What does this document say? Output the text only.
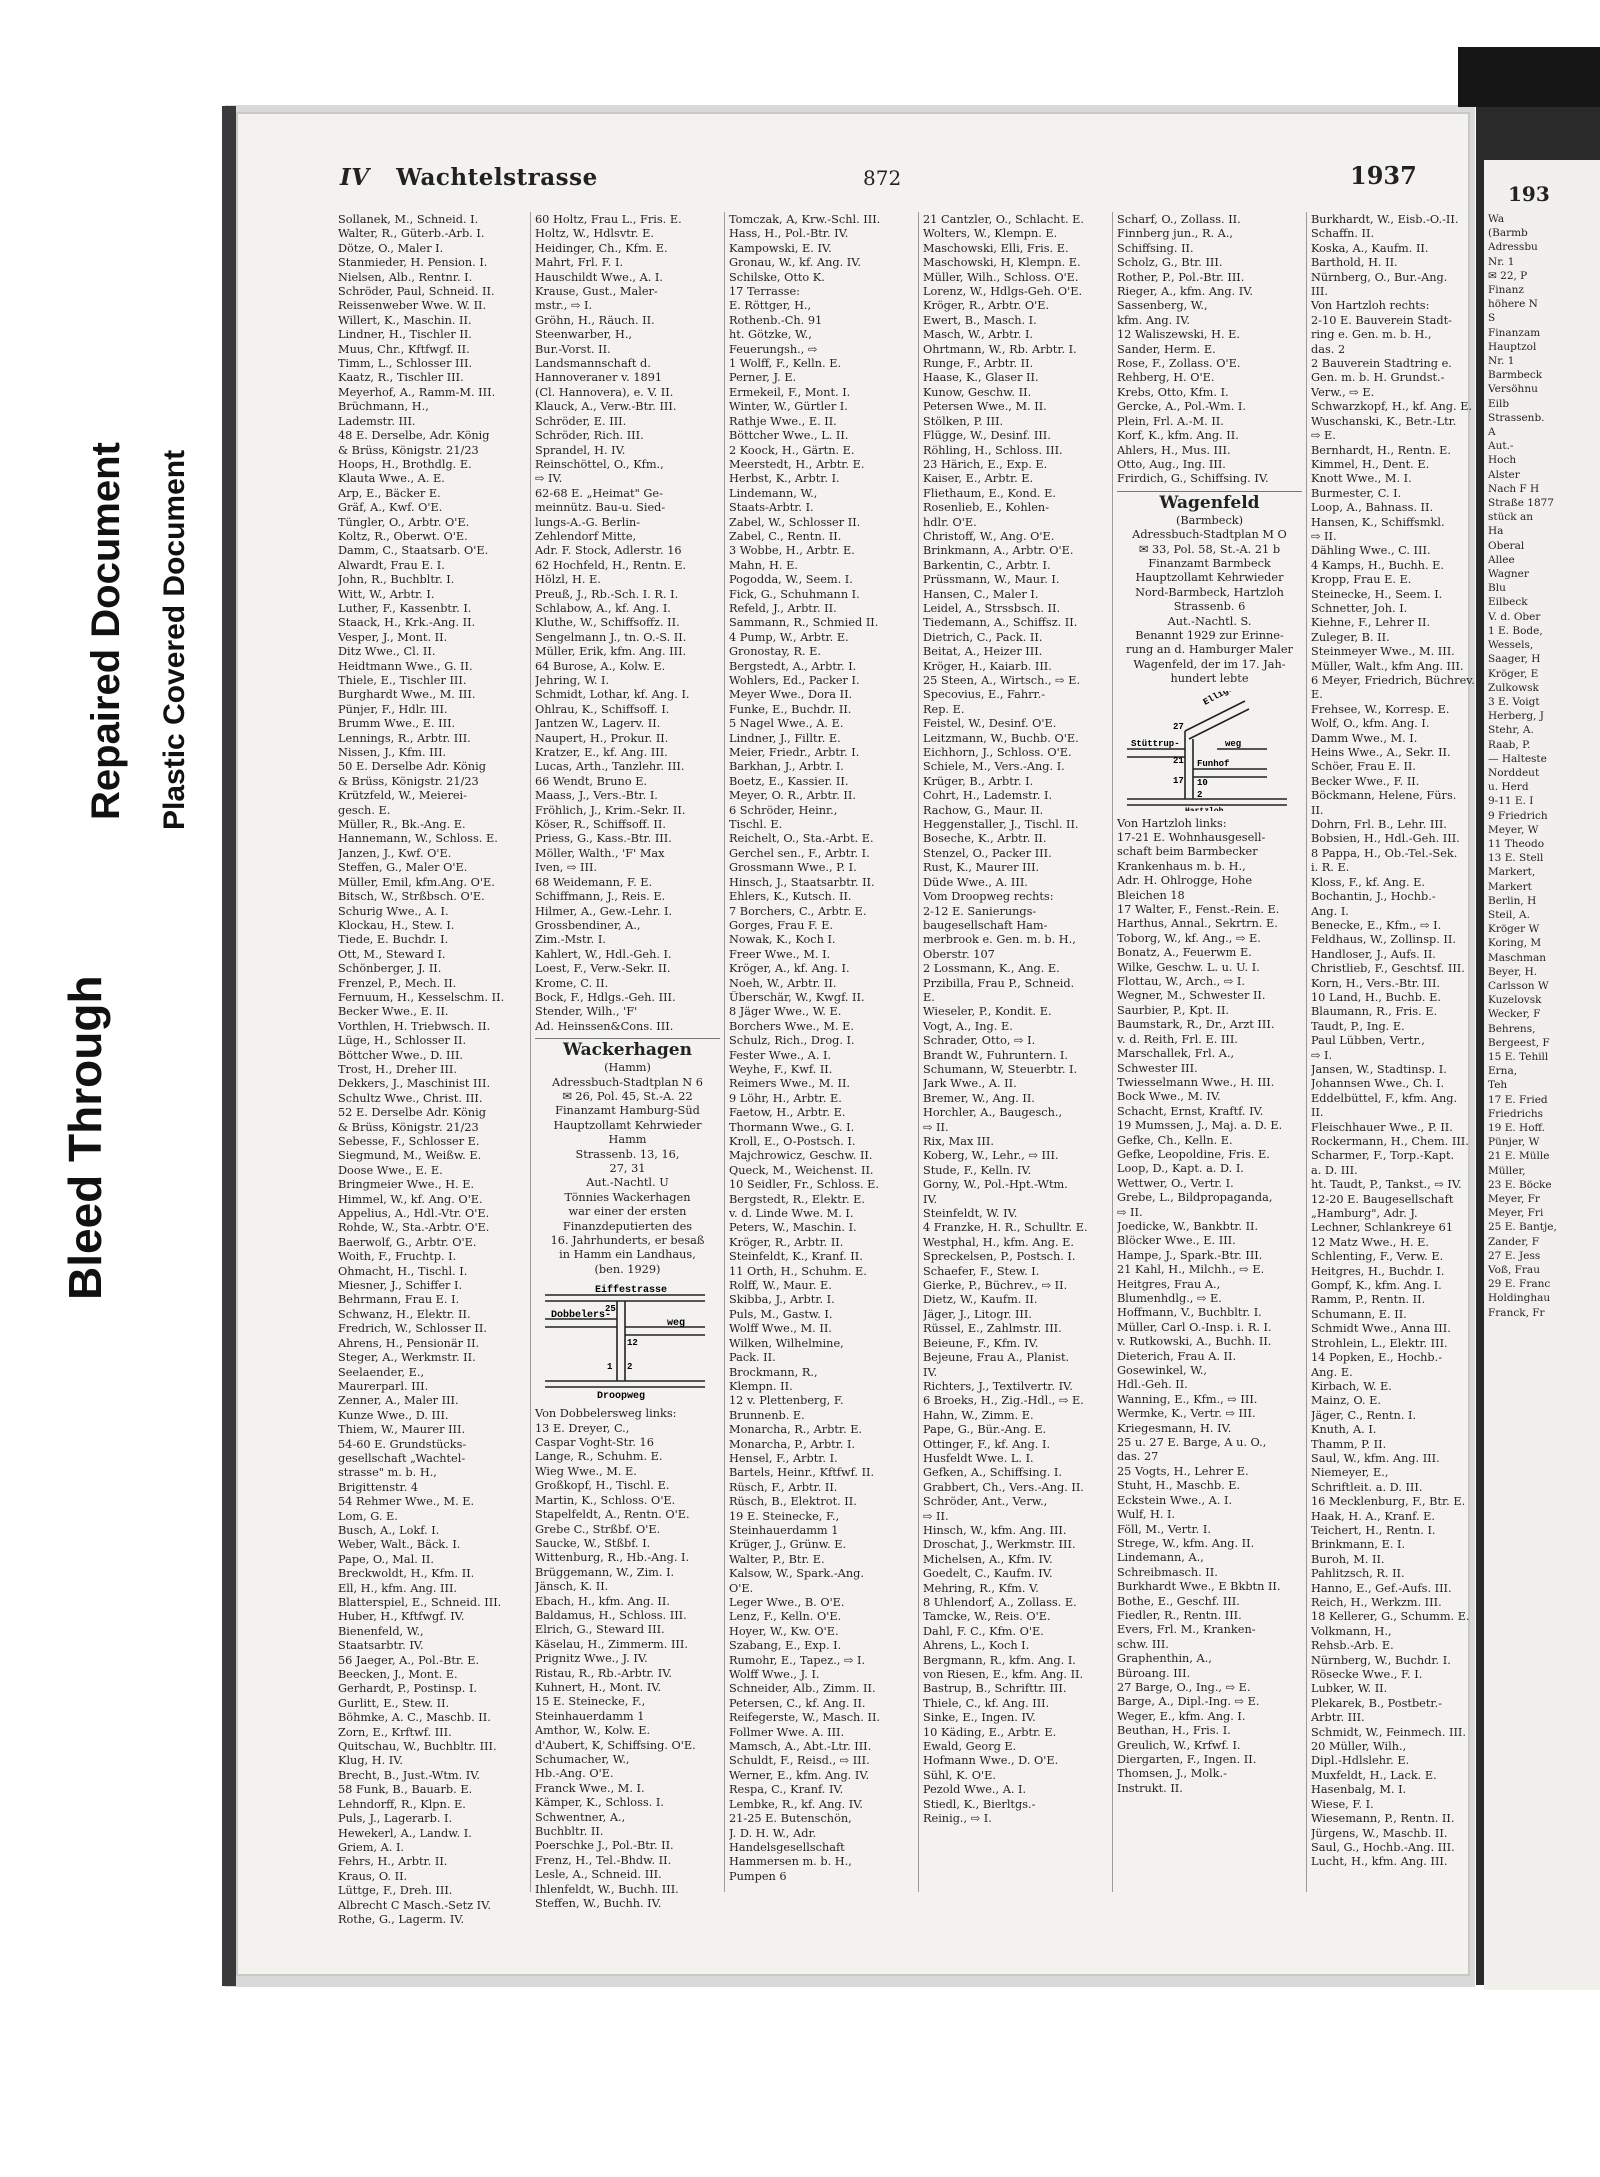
Bleed Through
Repaired Document Plastic Covered Document
IV Wachtelstrasse	872	1937
Sollanek, M., Schneid. I.
Walter, R., Güterb.-Arb. I.
Dötze, O., Maler I.
Stanmieder, H. Pension. I.
Nielsen, Alb., Rentnr. I.
Schröder, Paul, Schneid. II.
Reissenweber Wwe. W. II.
Willert, K., Maschin. II.
Lindner, H., Tischler II.
Muus, Chr., Kftfwgf. II.
Timm, L., Schlosser III.
Kaatz, R., Tischler III.
Meyerhof, A., Ramm-M. III.
Brüchmann, H.,
Lademstr. III.
48 E. Derselbe, Adr. König
& Brüss, Königstr. 21/23
Hoops, H., Brothdlg. E.
Klauta Wwe., A. E.
Arp, E., Bäcker E.
Gräf, A., Kwf. O'E.
Tüngler, O., Arbtr. O'E.
Koltz, R., Oberwt. O'E.
Damm, C., Staatsarb. O'E.
Alwardt, Frau E. I.
John, R., Buchbltr. I.
Witt, W., Arbtr. I.
Luther, F., Kassenbtr. I.
Staack, H., Krk.-Ang. II.
Vesper, J., Mont. II.
Ditz Wwe., Cl. II.
Heidtmann Wwe., G. II.
Thiele, E., Tischler III.
Burghardt Wwe., M. III.
Pünjer, F., Hdlr. III.
Brumm Wwe., E. III.
Lennings, R., Arbtr. III.
Nissen, J., Kfm. III.
50 E. Derselbe Adr. König
& Brüss, Königstr. 21/23
Krützfeld, W., Meierei-
gesch. E.
Müller, R., Bk.-Ang. E.
Hannemann, W., Schloss. E.
Janzen, J., Kwf. O'E.
Steffen, G., Maler O'E.
Müller, Emil, kfm.Ang. O'E.
Bitsch, W., Strßbsch. O'E.
Schurig Wwe., A. I.
Klockau, H., Stew. I.
Tiede, E. Buchdr. I.
Ott, M., Steward I.
Schönberger, J. II.
Frenzel, P., Mech. II.
Fernuum, H., Kesselschm. II.
Becker Wwe., E. II.
Vorthlen, H. Triebwsch. II.
Lüge, H., Schlosser II.
Böttcher Wwe., D. III.
Trost, H., Dreher III.
Dekkers, J., Maschinist III.
Schultz Wwe., Christ. III.
52 E. Derselbe Adr. König
& Brüss, Königstr. 21/23
Sebesse, F., Schlosser E.
Siegmund, M., Weißw. E.
Doose Wwe., E. E.
Bringmeier Wwe., H. E.
Himmel, W., kf. Ang. O'E.
Appelius, A., Hdl.-Vtr. O'E.
Rohde, W., Sta.-Arbtr. O'E.
Baerwolf, G., Arbtr. O'E.
Woith, F., Fruchtp. I.
Ohmacht, H., Tischl. I.
Miesner, J., Schiffer I.
Behrmann, Frau E. I.
Schwanz, H., Elektr. II.
Fredrich, W., Schlosser II.
Ahrens, H., Pensionär II.
Steger, A., Werkmstr. II.
Seelaender, E.,
Maurerparl. III.
Zenner, A., Maler III.
Kunze Wwe., D. III.
Thiem, W., Maurer III.
54-60 E. Grundstücks-
gesellschaft „Wachtel-
strasse" m. b. H.,
Brigittenstr. 4
54 Rehmer Wwe., M. E.
Lom, G. E.
Busch, A., Lokf. I.
Weber, Walt., Bäck. I.
Pape, O., Mal. II.
Breckwoldt, H., Kfm. II.
Ell, H., kfm. Ang. III.
Blatterspiel, E., Schneid. III.
Huber, H., Kftfwgf. IV.
Bienenfeld, W.,
Staatsarbtr. IV.
56 Jaeger, A., Pol.-Btr. E.
Beecken, J., Mont. E.
Gerhardt, P., Postinsp. I.
Gurlitt, E., Stew. II.
Böhmke, A. C., Maschb. II.
Zorn, E., Krftwf. III.
Quitschau, W., Buchbltr. III.
Klug, H. IV.
Brecht, B., Just.-Wtm. IV.
58 Funk, B., Bauarb. E.
Lehndorff, R., Klpn. E.
Puls, J., Lagerarb. I.
Hewekerl, A., Landw. I.
Griem, A. I.
Fehrs, H., Arbtr. II.
Kraus, O. II.
Lüttge, F., Dreh. III.
Albrecht C Masch.-Setz IV.
Rothe, G., Lagerm. IV.
60 Holtz, Frau L., Fris. E.
Holtz, W., Hdlsvtr. E.
Heidinger, Ch., Kfm. E.
Mahrt, Frl. F. I.
Hauschildt Wwe., A. I.
Krause, Gust., Maler-
mstr., ⇨ I.
Gröhn, H., Räuch. II.
Steenwarber, H.,
Bur.-Vorst. II.
Landsmannschaft d.
Hannoveraner v. 1891
(Cl. Hannovera), e. V. II.
Klauck, A., Verw.-Btr. III.
Schröder, E. III.
Schröder, Rich. III.
Sprandel, H. IV.
Reinschöttel, O., Kfm.,
⇨ IV.
62-68 E. „Heimat" Ge-
meinnütz. Bau-u. Sied-
lungs-A.-G. Berlin-
Zehlendorf Mitte,
Adr. F. Stock, Adlerstr. 16
62 Hochfeld, H., Rentn. E.
Hölzl, H. E.
Preuß, J., Rb.-Sch. I. R. I.
Schlabow, A., kf. Ang. I.
Kluthe, W., Schiffsoffz. II.
Sengelmann J., tn. O.-S. II.
Müller, Erik, kfm. Ang. III.
64 Burose, A., Kolw. E.
Jehring, W. I.
Schmidt, Lothar, kf. Ang. I.
Ohlrau, K., Schiffsoff. I.
Jantzen W., Lagerv. II.
Naupert, H., Prokur. II.
Kratzer, E., kf. Ang. III.
Lucas, Arth., Tanzlehr. III.
66 Wendt, Bruno E.
Maass, J., Vers.-Btr. I.
Fröhlich, J., Krim.-Sekr. II.
Köser, R., Schiffsoff. II.
Priess, G., Kass.-Btr. III.
Möller, Walth., 'F' Max
Iven, ⇨ III.
68 Weidemann, F. E.
Schiffmann, J., Reis. E.
Hilmer, A., Gew.-Lehr. I.
Grossbendiner, A.,
Zim.-Mstr. I.
Kahlert, W., Hdl.-Geh. I.
Loest, F., Verw.-Sekr. II.
Krome, C. II.
Bock, F., Hdlgs.-Geh. III.
Stender, Wilh., 'F'
Ad. Heinssen&Cons. III.
Wackerhagen
(Hamm)
Adressbuch-Stadtplan N 6
✉ 26, Pol. 45, St.-A. 22
Finanzamt Hamburg-Süd
Hauptzollamt Kehrwieder
Hamm
Strassenb. 13, 16,
27, 31
Aut.-Nachtl. U
Tönnies Wackerhagen
war einer der ersten
Finanzdeputierten des
16. Jahrhunderts, er besaß
in Hamm ein Landhaus,
(ben. 1929)
Eiffestrasse
Dobbelers-
weg
25
12
2
1
Droopweg
Von Dobbelersweg links:
13 E. Dreyer, C.,
Caspar Voght-Str. 16
Lange, R., Schuhm. E.
Wieg Wwe., M. E.
Großkopf, H., Tischl. E.
Martin, K., Schloss. O'E.
Stapelfeldt, A., Rentn. O'E.
Grebe C., Strßbf. O'E.
Saucke, W., Stßbf. I.
Wittenburg, R., Hb.-Ang. I.
Brüggemann, W., Zim. I.
Jänsch, K. II.
Ebach, H., kfm. Ang. II.
Baldamus, H., Schloss. III.
Elrich, G., Steward III.
Käselau, H., Zimmerm. III.
Prignitz Wwe., J. IV.
Ristau, R., Rb.-Arbtr. IV.
Kuhnert, H., Mont. IV.
15 E. Steinecke, F.,
Steinhauerdamm 1
Amthor, W., Kolw. E.
d'Aubert, K, Schiffsing. O'E.
Schumacher, W.,
Hb.-Ang. O'E.
Franck Wwe., M. I.
Kämper, K., Schloss. I.
Schwentner, A.,
Buchbltr. II.
Poerschke J., Pol.-Btr. II.
Frenz, H., Tel.-Bhdw. II.
Lesle, A., Schneid. III.
Ihlenfeldt, W., Buchh. III.
Steffen, W., Buchh. IV.
Tomczak, A, Krw.-Schl. III.
Hass, H., Pol.-Btr. IV.
Kampowski, E. IV.
Gronau, W., kf. Ang. IV.
Schilske, Otto K.
17 Terrasse:
E. Röttger, H.,
Rothenb.-Ch. 91
ht. Götzke, W.,
Feuerungsh., ⇨
1 Wolff, F., Kelln. E.
Perner, J. E.
Ermekeil, F., Mont. I.
Winter, W., Gürtler I.
Rathje Wwe., E. II.
Böttcher Wwe., L. II.
2 Koock, H., Gärtn. E.
Meerstedt, H., Arbtr. E.
Herbst, K., Arbtr. I.
Lindemann, W.,
Staats-Arbtr. I.
Zabel, W., Schlosser II.
Zabel, C., Rentn. II.
3 Wobbe, H., Arbtr. E.
Mahn, H. E.
Pogodda, W., Seem. I.
Fick, G., Schuhmann I.
Refeld, J., Arbtr. II.
Sammann, R., Schmied II.
4 Pump, W., Arbtr. E.
Gronostay, R. E.
Bergstedt, A., Arbtr. I.
Wohlers, Ed., Packer I.
Meyer Wwe., Dora II.
Funke, E., Buchdr. II.
5 Nagel Wwe., A. E.
Lindner, J., Filltr. E.
Meier, Friedr., Arbtr. I.
Barkhan, J., Arbtr. I.
Boetz, E., Kassier. II.
Meyer, O. R., Arbtr. II.
6 Schröder, Heinr.,
Tischl. E.
Reichelt, O., Sta.-Arbt. E.
Gerchel sen., F., Arbtr. I.
Grossmann Wwe., P. I.
Hinsch, J., Staatsarbtr. II.
Ehlers, K., Kutsch. II.
7 Borchers, C., Arbtr. E.
Gorges, Frau F. E.
Nowak, K., Koch I.
Freer Wwe., M. I.
Kröger, A., kf. Ang. I.
Noeh, W., Arbtr. II.
Überschär, W., Kwgf. II.
8 Jäger Wwe., W. E.
Borchers Wwe., M. E.
Schulz, Rich., Drog. I.
Fester Wwe., A. I.
Weyhe, F., Kwf. II.
Reimers Wwe., M. II.
9 Löhr, H., Arbtr. E.
Faetow, H., Arbtr. E.
Thormann Wwe., G. I.
Kroll, E., O-Postsch. I.
Majchrowicz, Geschw. II.
Queck, M., Weichenst. II.
10 Seidler, Fr., Schloss. E.
Bergstedt, R., Elektr. E.
v. d. Linde Wwe. M. I.
Peters, W., Maschin. I.
Kröger, R., Arbtr. II.
Steinfeldt, K., Kranf. II.
11 Orth, H., Schuhm. E.
Rolff, W., Maur. E.
Skibba, J., Arbtr. I.
Puls, M., Gastw. I.
Wolff Wwe., M. II.
Wilken, Wilhelmine,
Pack. II.
Brockmann, R.,
Klempn. II.
12 v. Plettenberg, F.
Brunnenb. E.
Monarcha, R., Arbtr. E.
Monarcha, P., Arbtr. I.
Hensel, F., Arbtr. I.
Bartels, Heinr., Kftfwf. II.
Rüsch, F., Arbtr. II.
Rüsch, B., Elektrot. II.
19 E. Steinecke, F.,
Steinhauerdamm 1
Krüger, J., Grünw. E.
Walter, P., Btr. E.
Kalsow, W., Spark.-Ang.
O'E.
Leger Wwe., B. O'E.
Lenz, F., Kelln. O'E.
Hoyer, W., Kw. O'E.
Szabang, E., Exp. I.
Rumohr, E., Tapez., ⇨ I.
Wolff Wwe., J. I.
Schneider, Alb., Zimm. II.
Petersen, C., kf. Ang. II.
Reifegerste, W., Masch. II.
Follmer Wwe. A. III.
Mamsch, A., Abt.-Ltr. III.
Schuldt, F., Reisd., ⇨ III.
Werner, E., kfm. Ang. IV.
Respa, C., Kranf. IV.
Lembke, R., kf. Ang. IV.
21-25 E. Butenschön,
J. D. H. W., Adr.
Handelsgesellschaft
Hammersen m. b. H.,
Pumpen 6
21 Cantzler, O., Schlacht. E.
Wolters, W., Klempn. E.
Maschowski, Elli, Fris. E.
Maschowski, H, Klempn. E.
Müller, Wilh., Schloss. O'E.
Lorenz, W., Hdlgs-Geh. O'E.
Kröger, R., Arbtr. O'E.
Ewert, B., Masch. I.
Masch, W., Arbtr. I.
Ohrtmann, W., Rb. Arbtr. I.
Runge, F., Arbtr. II.
Haase, K., Glaser II.
Kunow, Geschw. II.
Petersen Wwe., M. II.
Stölken, P. III.
Flügge, W., Desinf. III.
Röhling, H., Schloss. III.
23 Härich, E., Exp. E.
Kaiser, E., Arbtr. E.
Fliethaum, E., Kond. E.
Rosenlieb, E., Kohlen-
hdlr. O'E.
Christoff, W., Ang. O'E.
Brinkmann, A., Arbtr. O'E.
Barkentin, C., Arbtr. I.
Prüssmann, W., Maur. I.
Hansen, C., Maler I.
Leidel, A., Strssbsch. II.
Tiedemann, A., Schiffsz. II.
Dietrich, C., Pack. II.
Beitat, A., Heizer III.
Kröger, H., Kaiarb. III.
25 Steen, A., Wirtsch., ⇨ E.
Specovius, E., Fahrr.-
Rep. E.
Feistel, W., Desinf. O'E.
Leitzmann, W., Buchb. O'E.
Eichhorn, J., Schloss. O'E.
Schiele, M., Vers.-Ang. I.
Krüger, B., Arbtr. I.
Cohrt, H., Lademstr. I.
Rachow, G., Maur. II.
Heggenstaller, J., Tischl. II.
Boseche, K., Arbtr. II.
Stenzel, O., Packer III.
Rust, K., Maurer III.
Düde Wwe., A. III.
Vom Droopweg rechts:
2-12 E. Sanierungs-
baugesellschaft Ham-
merbrook e. Gen. m. b. H.,
Oberstr. 107
2 Lossmann, K., Ang. E.
Przibilla, Frau P., Schneid.
E.
Wieseler, P., Kondit. E.
Vogt, A., Ing. E.
Schrader, Otto, ⇨ I.
Brandt W., Fuhruntern. I.
Schumann, W, Steuerbtr. I.
Jark Wwe., A. II.
Bremer, W., Ang. II.
Horchler, A., Baugesch.,
⇨ II.
Rix, Max III.
Koberg, W., Lehr., ⇨ III.
Stude, F., Kelln. IV.
Gorny, W., Pol.-Hpt.-Wtm.
IV.
Steinfeldt, W. IV.
4 Franzke, H. R., Schulltr. E.
Westphal, H., kfm. Ang. E.
Spreckelsen, P., Postsch. I.
Schaefer, F., Stew. I.
Gierke, P., Büchrev., ⇨ II.
Dietz, W., Kaufm. II.
Jäger, J., Litogr. III.
Rüssel, E., Zahlmstr. III.
Beieune, F., Kfm. IV.
Bejeune, Frau A., Planist.
IV.
Richters, J., Textilvertr. IV.
6 Broeks, H., Zig.-Hdl., ⇨ E.
Hahn, W., Zimm. E.
Pape, G., Bür.-Ang. E.
Ottinger, F., kf. Ang. I.
Husfeldt Wwe. L. I.
Gefken, A., Schiffsing. I.
Grabbert, Ch., Vers.-Ang. II.
Schröder, Ant., Verw.,
⇨ II.
Hinsch, W., kfm. Ang. III.
Droschat, J., Werkmstr. III.
Michelsen, A., Kfm. IV.
Goedelt, C., Kaufm. IV.
Mehring, R., Kfm. V.
8 Uhlendorf, A., Zollass. E.
Tamcke, W., Reis. O'E.
Dahl, F. C., Kfm. O'E.
Ahrens, L., Koch I.
Bergmann, R., kfm. Ang. I.
von Riesen, E., kfm. Ang. II.
Bastrup, B., Schrifttr. III.
Thiele, C., kf. Ang. III.
Sinke, E., Ingen. IV.
10 Käding, E., Arbtr. E.
Ewald, Georg E.
Hofmann Wwe., D. O'E.
Sühl, K. O'E.
Pezold Wwe., A. I.
Stiedl, K., Bierltgs.-
Reinig., ⇨ I.
Scharf, O., Zollass. II.
Finnberg jun., R. A.,
Schiffsing. II.
Scholz, G., Btr. III.
Rother, P., Pol.-Btr. III.
Rieger, A., kfm. Ang. IV.
Sassenberg, W.,
kfm. Ang. IV.
12 Waliszewski, H. E.
Sander, Herm. E.
Rose, F., Zollass. O'E.
Rehberg, H. O'E.
Krebs, Otto, Kfm. I.
Gercke, A., Pol.-Wm. I.
Plein, Frl. A.-M. II.
Korf, K., kfm. Ang. II.
Ahlers, H., Mus. III.
Otto, Aug., Ing. III.
Frirdich, G., Schiffsing. IV.
Wagenfeld
(Barmbeck)
Adressbuch-Stadtplan M O
✉ 33, Pol. 58, St.-A. 21 b
Finanzamt Barmbeck
Hauptzollamt Kehrwieder
Nord-Barmbeck, Hartzloh
Strassenb. 6
Aut.-Nachtl. S.
Benannt 1929 zur Erinne-
rung an d. Hamburger Maler
Wagenfeld, der im 17. Jah-
hundert lebte
Stüttrup-	weg
27
21
17 10
2
Funhof
Von Hartzloh links:
17-21 E. Wohnhausgesell-
schaft beim Barmbecker
Krankenhaus m. b. H.,
Adr. H. Ohlrogge, Hohe
Bleichen 18
17 Walter, F., Fenst.-Rein. E.
Harthus, Annal., Sekrtrn. E.
Toborg, W., kf. Ang., ⇨ E.
Bonatz, A., Feuerwm E.
Wilke, Geschw. L. u. U. I.
Flottau, W., Arch., ⇨ I.
Wegner, M., Schwester II.
Saurbier, P., Kpt. II.
Baumstark, R., Dr., Arzt III.
v. d. Reith, Frl. E. III.
Marschallek, Frl. A.,
Schwester III.
Twiesselmann Wwe., H. III.
Bock Wwe., M. IV.
Schacht, Ernst, Kraftf. IV.
19 Mumssen, J., Maj. a. D. E.
Gefke, Ch., Kelln. E.
Gefke, Leopoldine, Fris. E.
Loop, D., Kapt. a. D. I.
Wettwer, O., Vertr. I.
Grebe, L., Bildpropaganda,
⇨ II.
Joedicke, W., Bankbtr. II.
Blöcker Wwe., E. III.
Hampe, J., Spark.-Btr. III.
21 Kahl, H., Milchh., ⇨ E.
Heitgres, Frau A.,
Blumenhdlg., ⇨ E.
Hoffmann, V., Buchbltr. I.
Müller, Carl O.-Insp. i. R. I.
v. Rutkowski, A., Buchh. II.
Dieterich, Frau A. II.
Gosewinkel, W.,
Hdl.-Geh. II.
Wanning, E., Kfm., ⇨ III.
Wermke, K., Vertr. ⇨ III.
Kriegesmann, H. IV.
25 u. 27 E. Barge, A u. O.,
das. 27
25 Vogts, H., Lehrer E.
Stuht, H., Maschb. E.
Eckstein Wwe., A. I.
Wulf, H. I.
Föll, M., Vertr. I.
Strege, W., kfm. Ang. II.
Lindemann, A.,
Schreibmasch. II.
Burkhardt Wwe., E Bkbtn II.
Bothe, E., Geschf. III.
Fiedler, R., Rentn. III.
Evers, Frl. M., Kranken-
schw. III.
Graphenthin, A.,
Büroang. III.
27 Barge, O., Ing., ⇨ E.
Barge, A., Dipl.-Ing. ⇨ E.
Weger, E., kfm. Ang. I.
Beuthan, H., Fris. I.
Greulich, W., Krfwf. I.
Diergarten, F., Ingen. II.
Thomsen, J., Molk.-
Instrukt. II.
Burkhardt, W., Eisb.-O.-II.
Schaffn. II.
Koska, A., Kaufm. II.
Barthold, H. II.
Nürnberg, O., Bur.-Ang.
III.
Von Hartzloh rechts:
2-10 E. Bauverein Stadt-
ring e. Gen. m. b. H.,
das. 2
2 Bauverein Stadtring e.
Gen. m. b. H. Grundst.-
Verw., ⇨ E.
Schwarzkopf, H., kf. Ang. E.
Wuschanski, K., Betr.-Ltr.
⇨ E.
Bernhardt, H., Rentn. E.
Kimmel, H., Dent. E.
Knott Wwe., M. I.
Burmester, C. I.
Loop, A., Bahnass. II.
Hansen, K., Schiffsmkl.
⇨ II.
Dähling Wwe., C. III.
4 Kamps, H., Buchh. E.
Kropp, Frau E. E.
Steinecke, H., Seem. I.
Schnetter, Joh. I.
Kiehne, F., Lehrer II.
Zuleger, B. II.
Steinmeyer Wwe., M. III.
Müller, Walt., kfm Ang. III.
6 Meyer, Friedrich, Büchrev.
E.
Frehsee, W., Korresp. E.
Wolf, O., kfm. Ang. I.
Damm Wwe., M. I.
Heins Wwe., A., Sekr. II.
Schöer, Frau E. II.
Becker Wwe., F. II.
Böckmann, Helene, Fürs.
II.
Dohrn, Frl. B., Lehr. III.
Bobsien, H., Hdl.-Geh. III.
8 Pappa, H., Ob.-Tel.-Sek.
i. R. E.
Kloss, F., kf. Ang. E.
Bochantin, J., Hochb.-
Ang. I.
Benecke, E., Kfm., ⇨ I.
Feldhaus, W., Zollinsp. II.
Handloser, J., Aufs. II.
Christlieb, F., Geschtsf. III.
Korn, H., Vers.-Btr. III.
10 Land, H., Buchb. E.
Blaumann, R., Fris. E.
Taudt, P., Ing. E.
Paul Lübben, Vertr.,
⇨ I.
Jansen, W., Stadtinsp. I.
Johannsen Wwe., Ch. I.
Eddelbüttel, F., kfm. Ang.
II.
Fleischhauer Wwe., P. II.
Rockermann, H., Chem. III.
Scharmer, F., Torp.-Kapt.
a. D. III.
ht. Taudt, P., Tankst., ⇨ IV.
12-20 E. Baugesellschaft
„Hamburg", Adr. J.
Lechner, Schlankreye 61
12 Matz Wwe., H. E.
Schlenting, F., Verw. E.
Heitgres, H., Buchdr. I.
Gompf, K., kfm. Ang. I.
Ramm, P., Rentn. II.
Schumann, E. II.
Schmidt Wwe., Anna III.
Strohlein, L., Elektr. III.
14 Popken, E., Hochb.-
Ang. E.
Kirbach, W. E.
Mainz, O. E.
Jäger, C., Rentn. I.
Knuth, A. I.
Thamm, P. II.
Saul, W., kfm. Ang. III.
Niemeyer, E.,
Schriftleit. a. D. III.
16 Mecklenburg, F., Btr. E.
Haak, H. A., Kranf. E.
Teichert, H., Rentn. I.
Brinkmann, E. I.
Buroh, M. II.
Pahlitzsch, R. II.
Hanno, E., Gef.-Aufs. III.
Reich, H., Werkzm. III.
18 Kellerer, G., Schumm. E.
Volkmann, H.,
Rehsb.-Arb. E.
Nürnberg, W., Buchdr. I.
Rösecke Wwe., F. I.
Lubker, W. II.
Plekarek, B., Postbetr.-
Arbtr. III.
Schmidt, W., Feinmech. III.
20 Müller, Wilh.,
Dipl.-Hdlslehr. E.
Muxfeldt, H., Lack. E.
Hasenbalg, M. I.
Wiese, F. I.
Wiesemann, P., Rentn. II.
Jürgens, W., Maschb. II.
Saul, G., Hochb.-Ang. III.
Lucht, H., kfm. Ang. III.
193
Wa
(Barmb
Adressbu
Nr. 1
✉ 22, P
Finanz
höhere N
S
Finanzam
Hauptzol
Nr. 1
Barmbeck
Versöhnu
Eilb
Strassenb.
A
Aut.-
Hoch
Alster
Nach F H
Straße 1877
stück an
Ha
Oberal
Allee
Wagner
Blu
Eilbeck
V. d. Ober
1 E. Bode,
Wessels,
Saager, H
Kröger, E
Zulkowsk
3 E. Voigt
Herberg, J
Stehr, A.
Raab, P.
— Halteste
Norddeut
u. Herd
9-11 E. I
9 Friedrich
Meyer, W
11 Theodo
13 E. Stell
Markert,
Markert
Berlin, H
Steil, A.
Kröger W
Koring, M
Maschman
Beyer, H.
Carlsson W
Kuzelovsk
Wecker, F
Behrens,
Bergeest, F
15 E. Tehill
Erna,
Teh
17 E. Fried
Friedrichs
19 E. Hoff.
Pünjer, W
21 E. Mülle
Müller,
23 E. Böcke
Meyer, Fr
Meyer, Fri
25 E. Bantje,
Zander, F
27 E. Jess
Voß, Frau
29 E. Franc
Holdinghau
Franck, Fr
